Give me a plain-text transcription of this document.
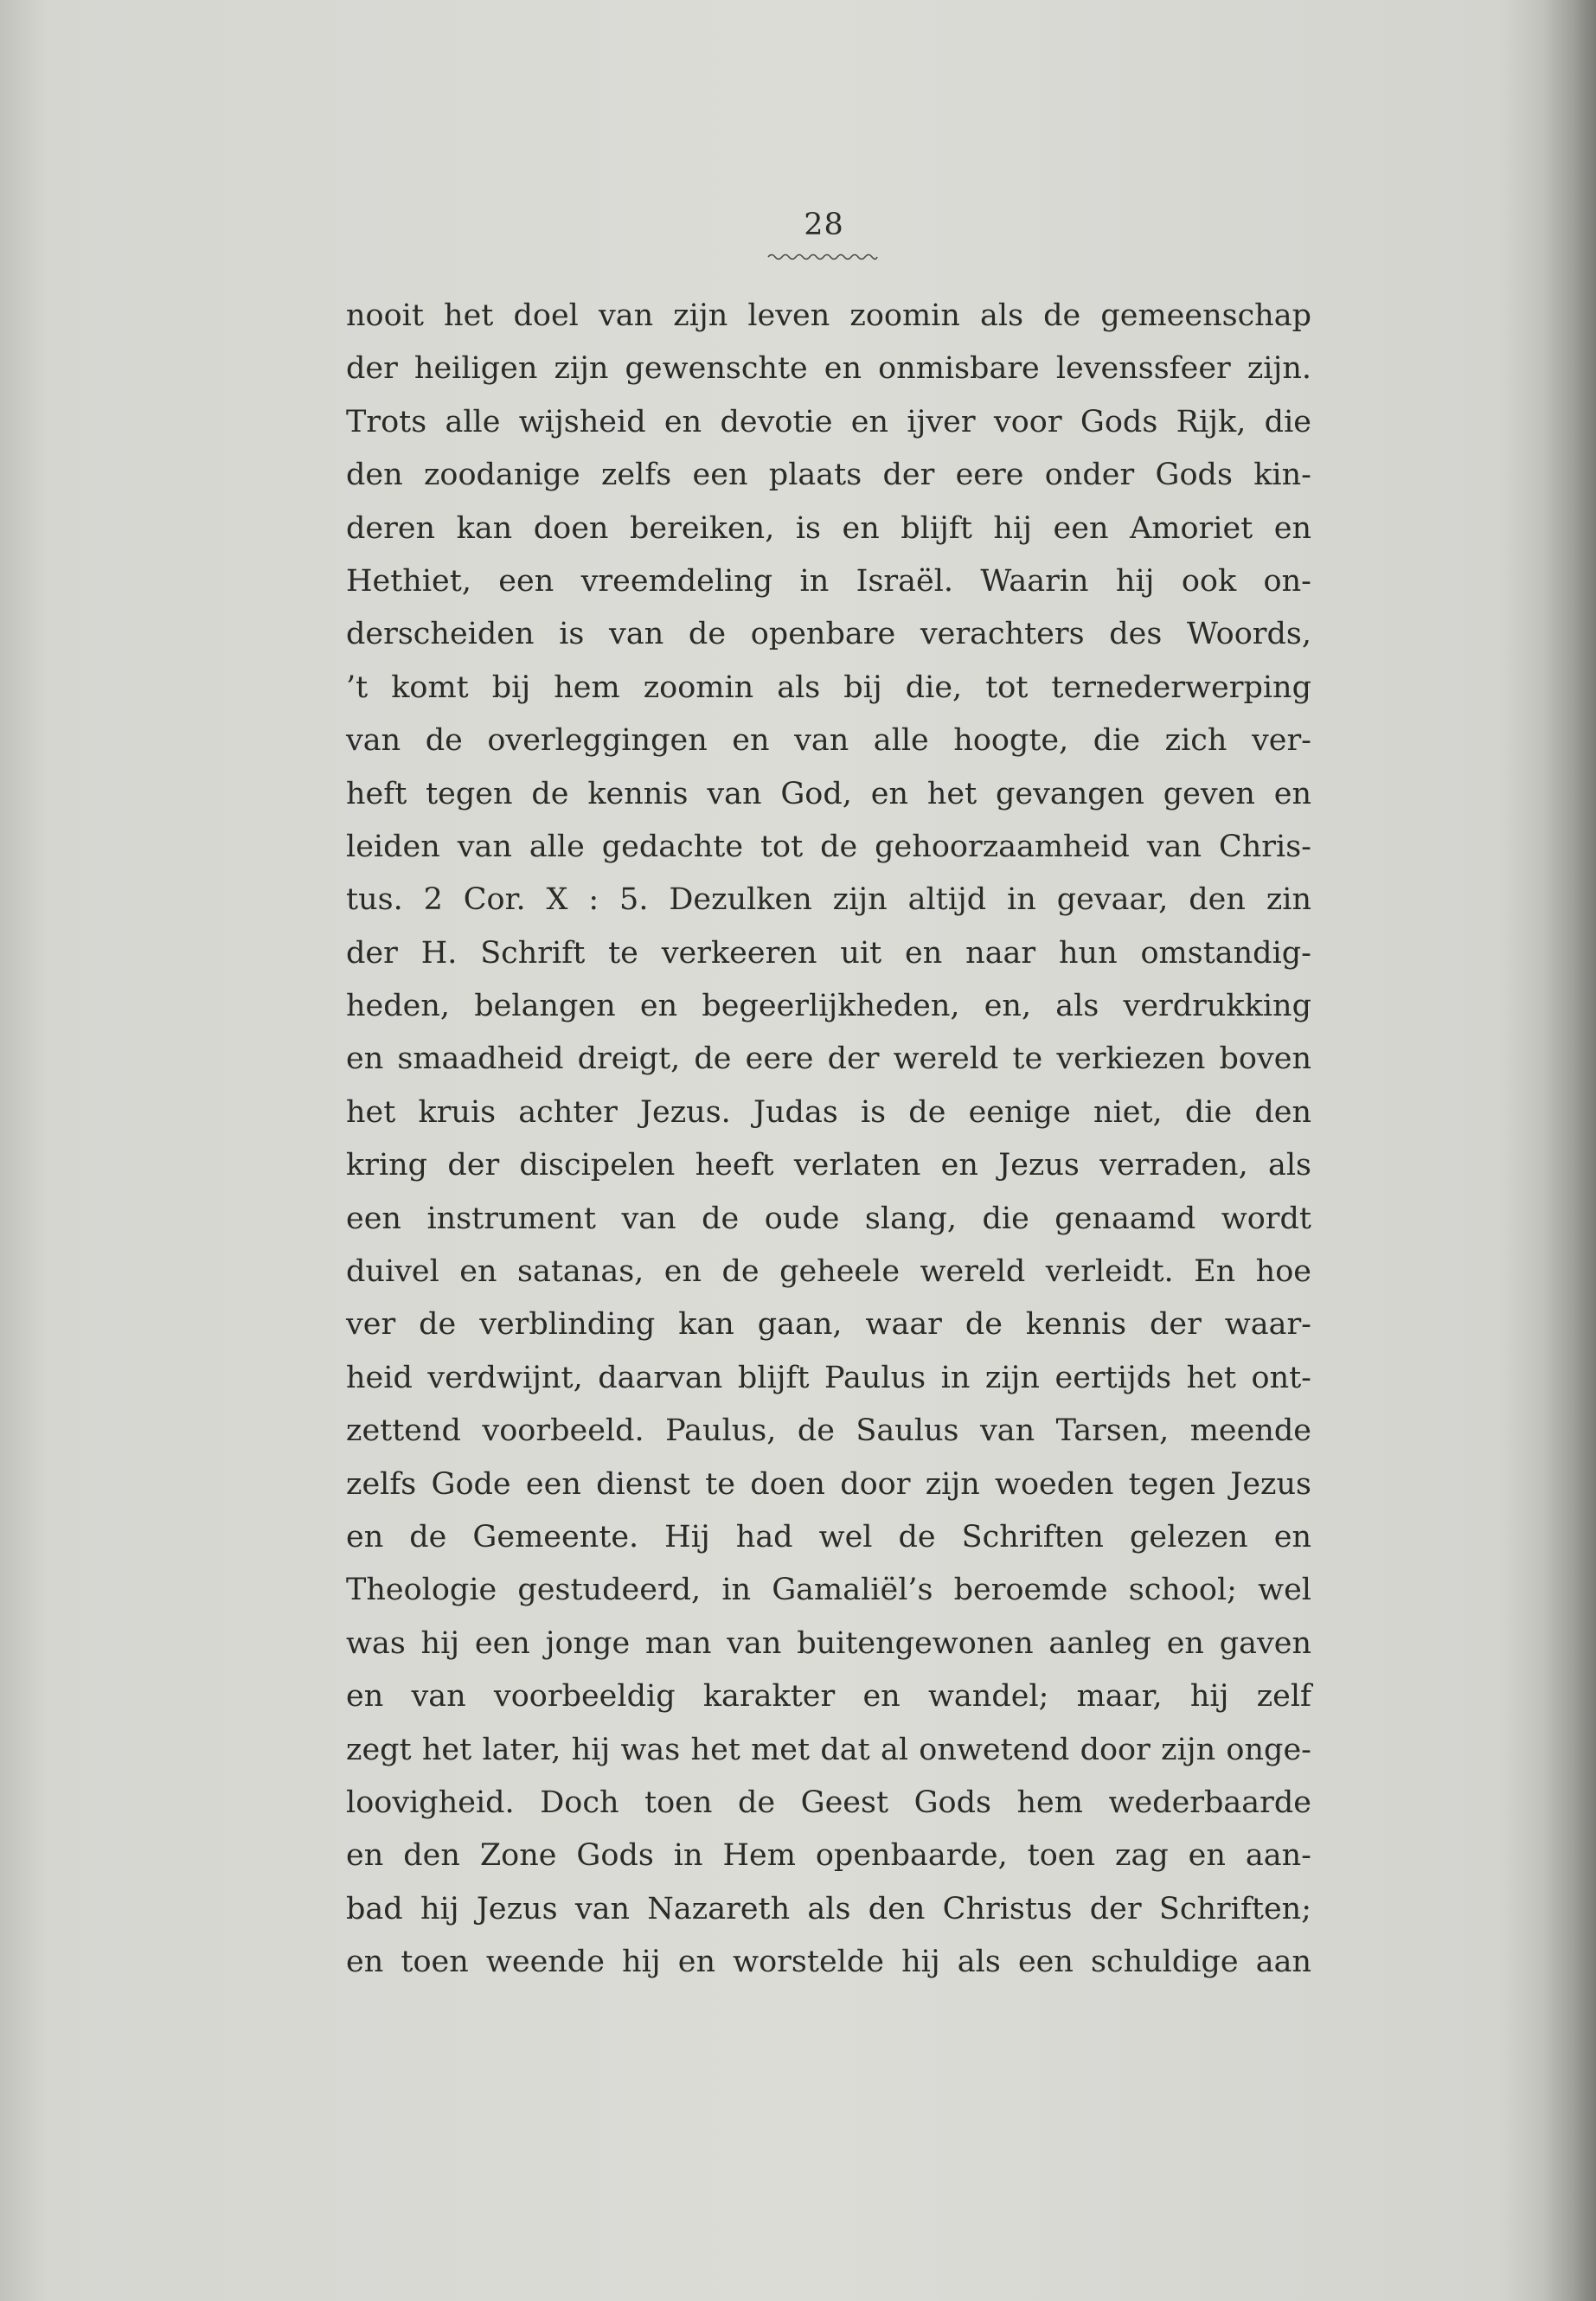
28
nooit het doel van zijn leven zoomin als de gemeenschap
der heiligen zijn gewenschte en onmisbare levenssfeer zijn.
Trots alle wijsheid en devotie en ijver voor Gods Rijk, die
den zoodanige zelfs een plaats der eere onder Gods kin-
deren kan doen bereiken, is en blijft hij een Amoriet en
Hethiet, een vreemdeling in Israël. Waarin hij ook on-
derscheiden is van de openbare verachters des Woords,
’t komt bij hem zoomin als bij die, tot ternederwerping
van de overleggingen en van alle hoogte, die zich ver-
heft tegen de kennis van God, en het gevangen geven en
leiden van alle gedachte tot de gehoorzaamheid van Chris-
tus. 2 Cor. X : 5. Dezulken zijn altijd in gevaar, den zin
der H. Schrift te verkeeren uit en naar hun omstandig-
heden, belangen en begeerlijkheden, en, als verdrukking
en smaadheid dreigt, de eere der wereld te verkiezen boven
het kruis achter Jezus. Judas is de eenige niet, die den
kring der discipelen heeft verlaten en Jezus verraden, als
een instrument van de oude slang, die genaamd wordt
duivel en satanas, en de geheele wereld verleidt. En hoe
ver de verblinding kan gaan, waar de kennis der waar-
heid verdwijnt, daarvan blijft Paulus in zijn eertijds het ont-
zettend voorbeeld. Paulus, de Saulus van Tarsen, meende
zelfs Gode een dienst te doen door zijn woeden tegen Jezus
en de Gemeente. Hij had wel de Schriften gelezen en
Theologie gestudeerd, in Gamaliël’s beroemde school; wel
was hij een jonge man van buitengewonen aanleg en gaven
en van voorbeeldig karakter en wandel; maar, hij zelf
zegt het later, hij was het met dat al onwetend door zijn onge-
loovigheid. Doch toen de Geest Gods hem wederbaarde
en den Zone Gods in Hem openbaarde, toen zag en aan-
bad hij Jezus van Nazareth als den Christus der Schriften;
en toen weende hij en worstelde hij als een schuldige aan
